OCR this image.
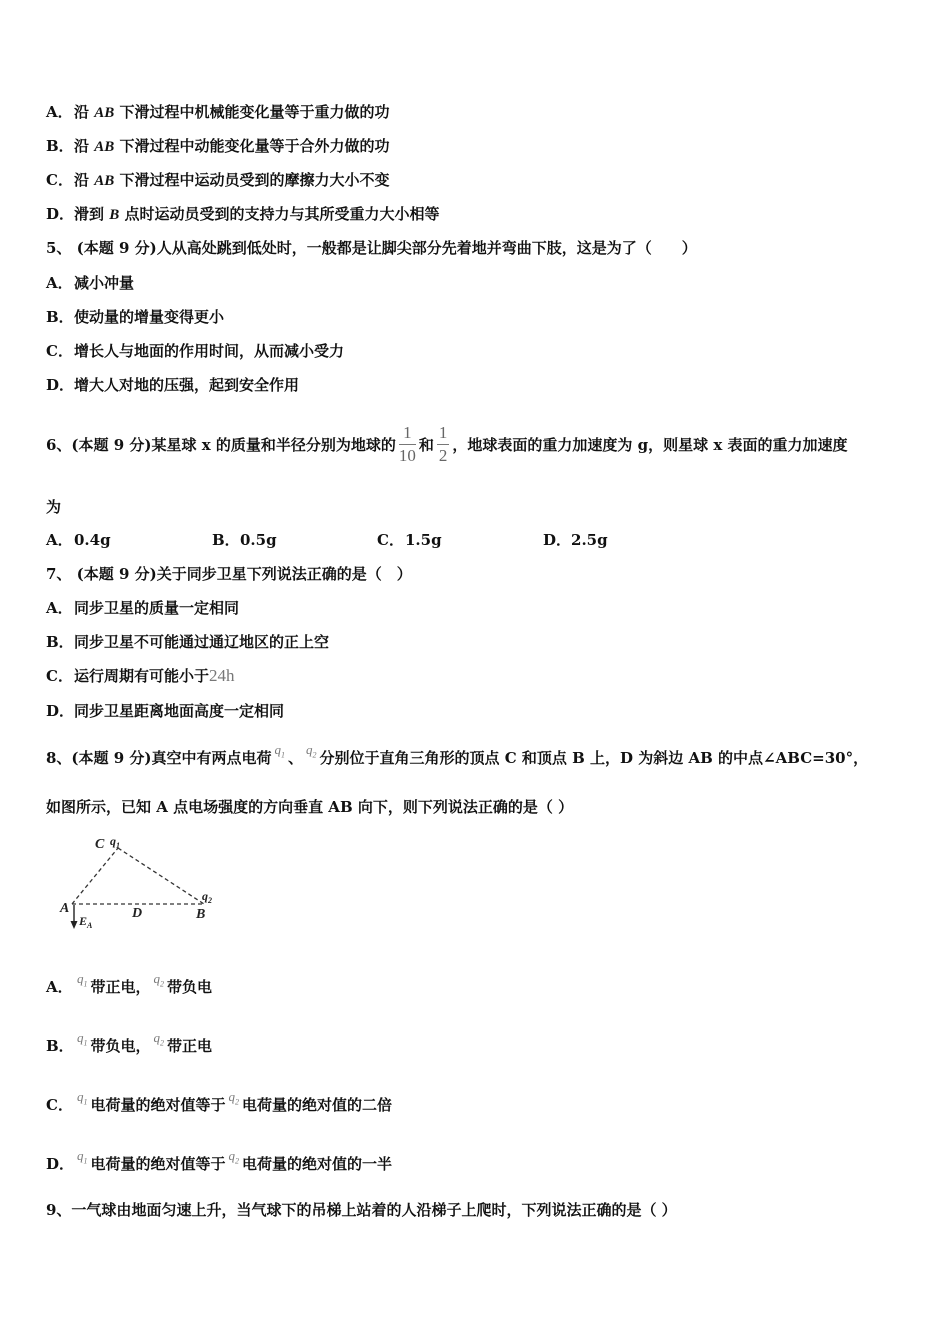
A．沿 AB 下滑过程中机械能变化量等于重力做的功
B．沿 AB 下滑过程中动能变化量等于合外力做的功
C．沿 AB 下滑过程中运动员受到的摩擦力大小不变
D．滑到 B 点时运动员受到的支持力与其所受重力大小相等
5、 (本题 9 分)人从高处跳到低处时，一般都是让脚尖部分先着地并弯曲下肢，这是为了（　　）
A．减小冲量
B．使动量的增量变得更小
C．增长人与地面的作用时间，从而减小受力
D．增大人对地的压强，起到安全作用
6、(本题 9 分)某星球 x 的质量和半径分别为地球的 $\frac{1}{10}$ 和 $\frac{1}{2}$ ，地球表面的重力加速度为 g，则星球 x 表面的重力加速度
为
A．0.4g	B．0.5g	C．1.5g	D．2.5g
7、 (本题 9 分)关于同步卫星下列说法正确的是（　）
A．同步卫星的质量一定相同
B．同步卫星不可能通过通辽地区的正上空
C．运行周期有可能小于24h
D．同步卫星距离地面高度一定相同
8、(本题 9 分)真空中有两点电荷 $q_1$ 、 $q_2$ 分别位于直角三角形的顶点 C 和顶点 B 上，D 为斜边 AB 的中点∠ABC=30°，
如图所示，已知 A 点电场强度的方向垂直 AB 向下，则下列说法正确的是（ ）
C $q_1$
A	D	B
$q_2$
$E_A$
A． $q_1$ 带正电， $q_2$ 带负电
B． $q_1$ 带负电， $q_2$ 带正电
C． $q_1$ 电荷量的绝对值等于 $q_2$ 电荷量的绝对值的二倍
D． $q_1$ 电荷量的绝对值等于 $q_2$ 电荷量的绝对值的一半
9、一气球由地面匀速上升，当气球下的吊梯上站着的人沿梯子上爬时，下列说法正确的是（ ）
